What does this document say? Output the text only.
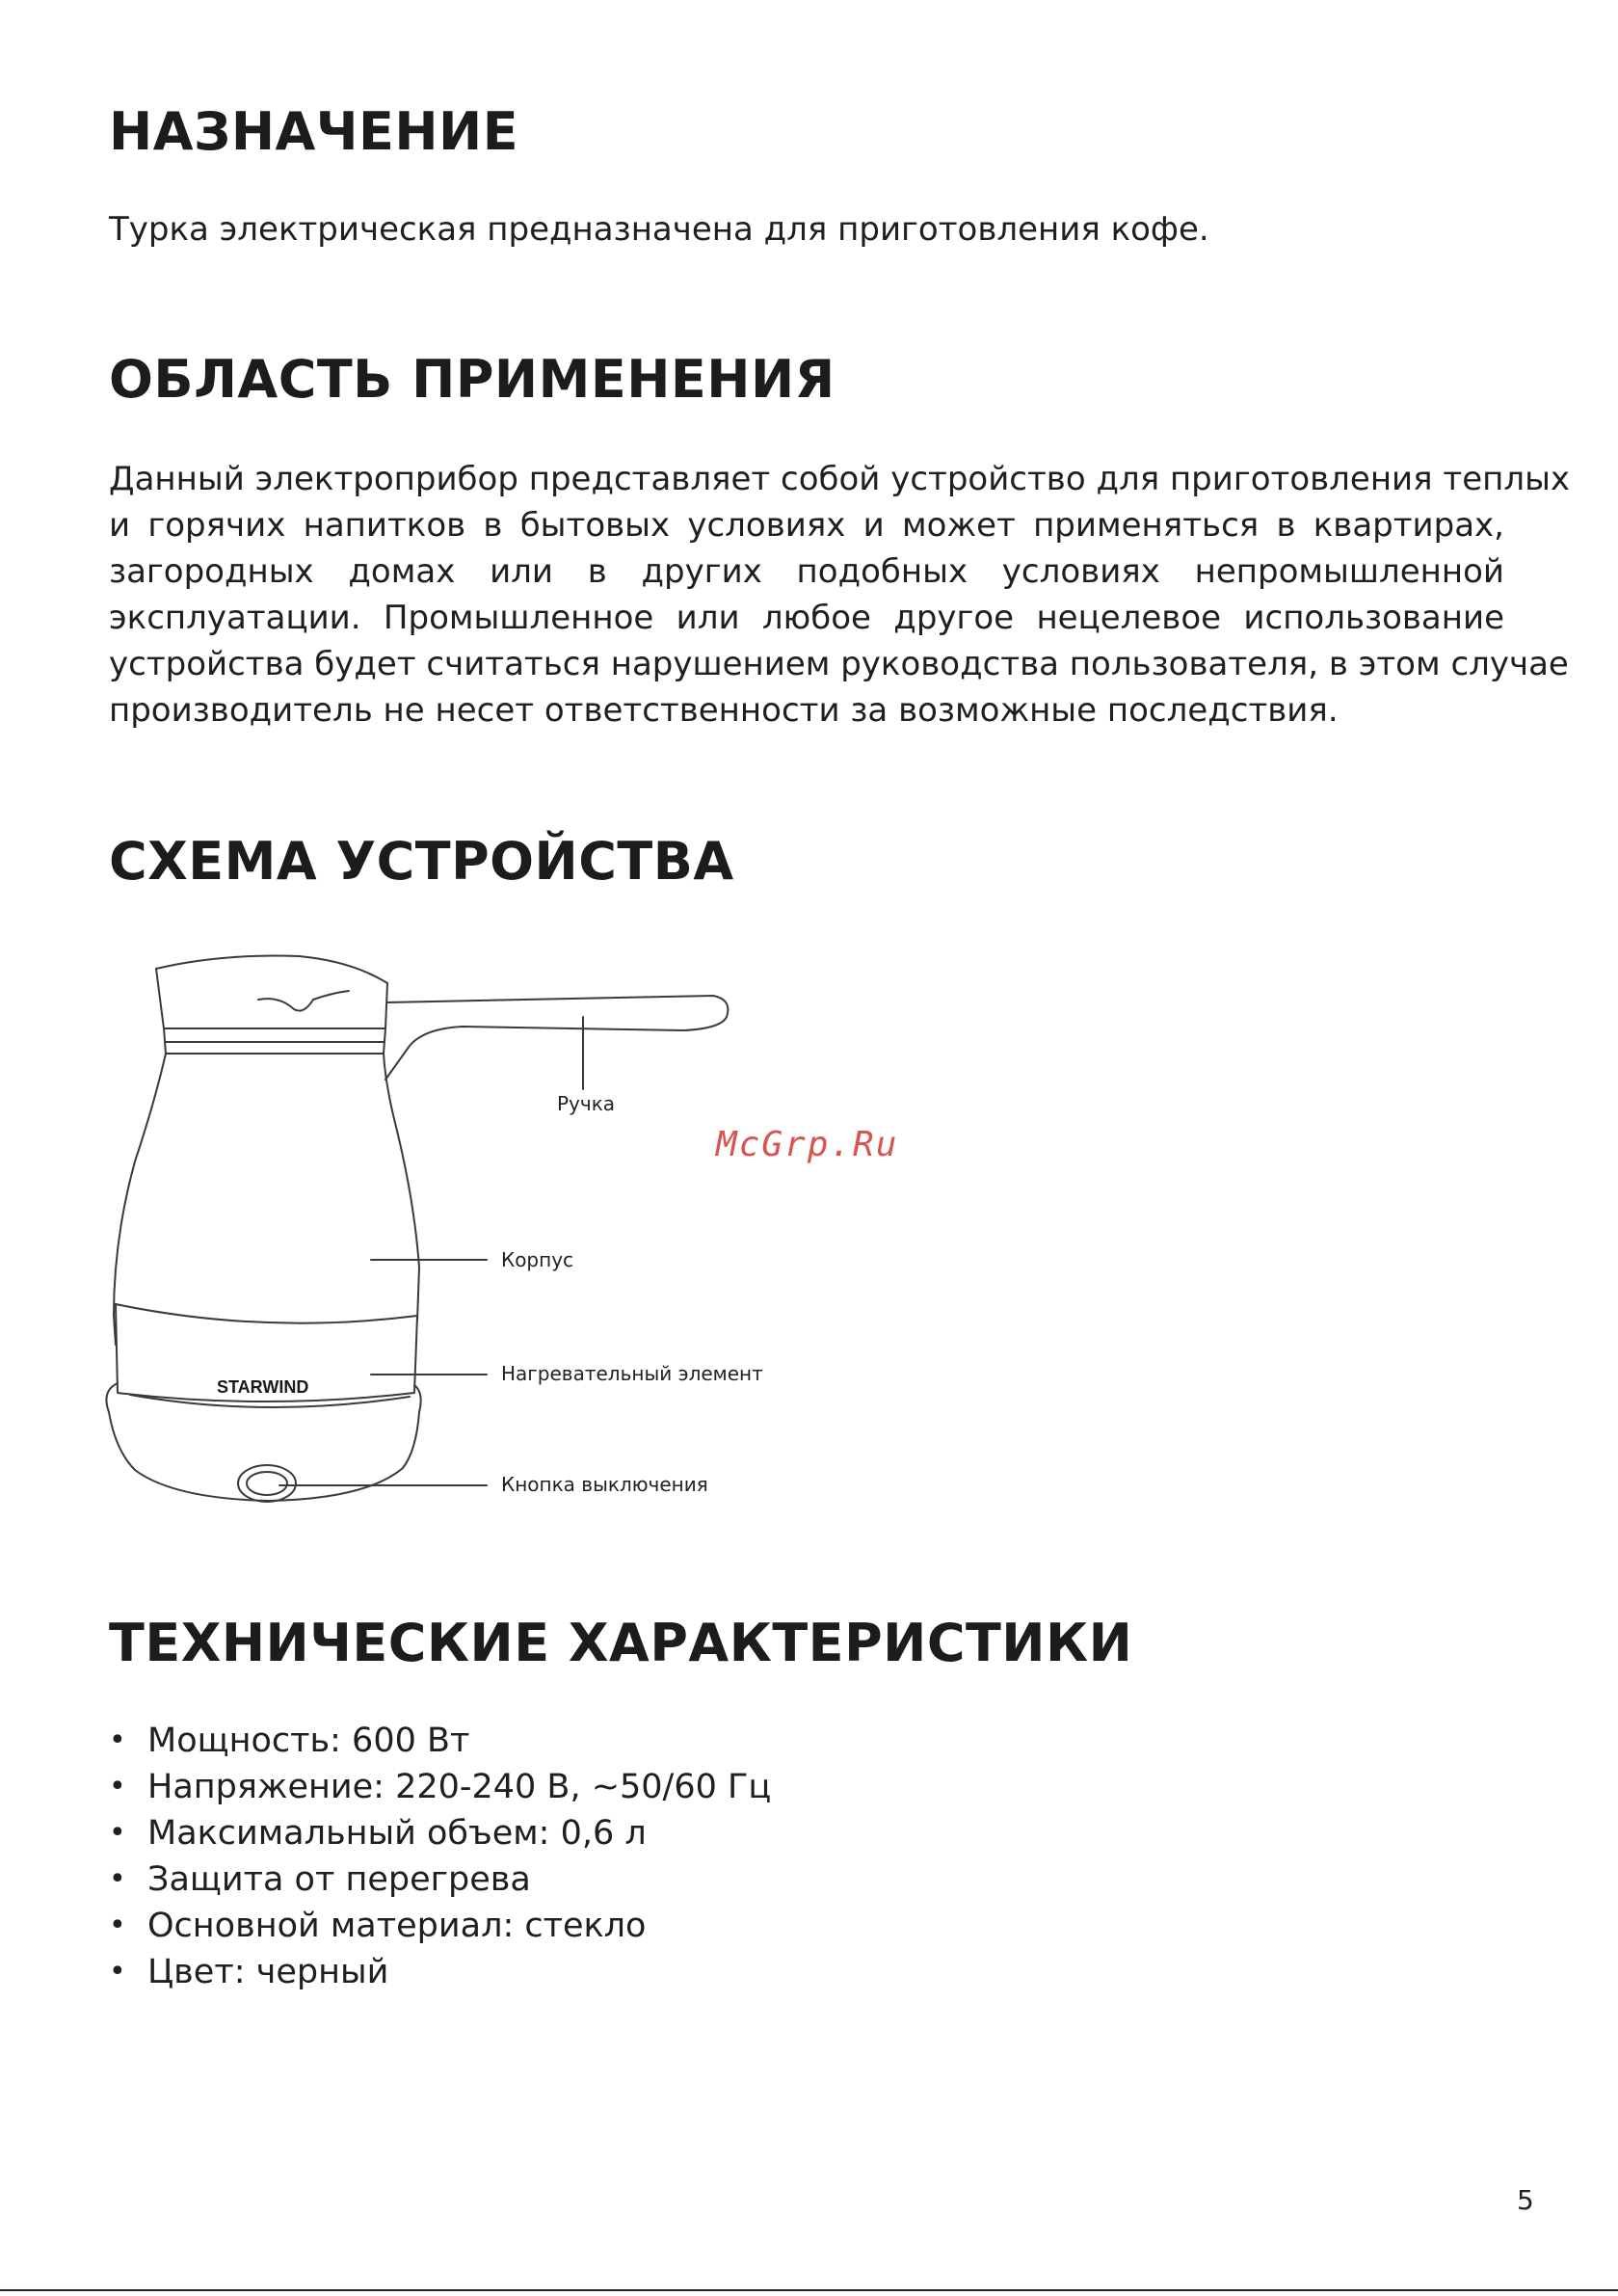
НАЗНАЧЕНИЕ

Турка электрическая предназначена для приготовления кофе.

ОБЛАСТЬ ПРИМЕНЕНИЯ
Данный электроприбор представляет собой устройство для приготовления теплых
и горячих напитков в бытовых условиях и может применяться в квартирах,
загородных домах или в других подобных условиях непромышленной
эксплуатации. Промышленное или любое другое нецелевое использование
устройства будет считаться нарушением руководства пользователя, в этом случае
производитель не несет ответственности за возможные последствия.
СХЕМА УСТРОЙСТВА
STARWIND
Ручка
Корпус
Нагревательный элемент
Кнопка выключения

McGrp.Ru

ТЕХНИЧЕСКИЕ ХАРАКТЕРИСТИКИ
• Мощность: 600 Вт
• Напряжение: 220-240 В, ~50/60 Гц
• Максимальный объем: 0,6 л
• Защита от перегрева
• Основной материал: стекло
• Цвет: черный

5
